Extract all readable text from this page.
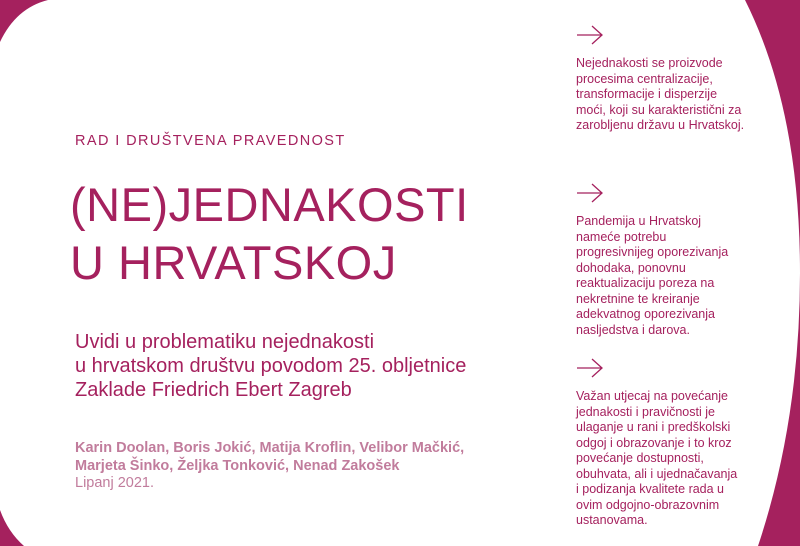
RAD I DRUŠTVENA PRAVEDNOST
(NE)JEDNAKOSTI
U HRVATSKOJ
Uvidi u problematiku nejednakosti
u hrvatskom društvu povodom 25. obljetnice
Zaklade Friedrich Ebert Zagreb
Karin Doolan, Boris Jokić, Matija Kroflin, Velibor Mačkić,
Marjeta Šinko, Željka Tonković, Nenad Zakošek
Lipanj 2021.
Nejednakosti se proizvode
procesima centralizacije,
transformacije i disperzije
moći, koji su karakteristični za
zarobljenu državu u Hrvatskoj.
Pandemija u Hrvatskoj
nameće potrebu
progresivnijeg oporezivanja
dohodaka, ponovnu
reaktualizaciju poreza na
nekretnine te kreiranje
adekvatnog oporezivanja
nasljedstva i darova.
Važan utjecaj na povećanje
jednakosti i pravičnosti je
ulaganje u rani i predškolski
odgoj i obrazovanje i to kroz
povećanje dostupnosti,
obuhvata, ali i ujednačavanja
i podizanja kvalitete rada u
ovim odgojno-obrazovnim
ustanovama.
